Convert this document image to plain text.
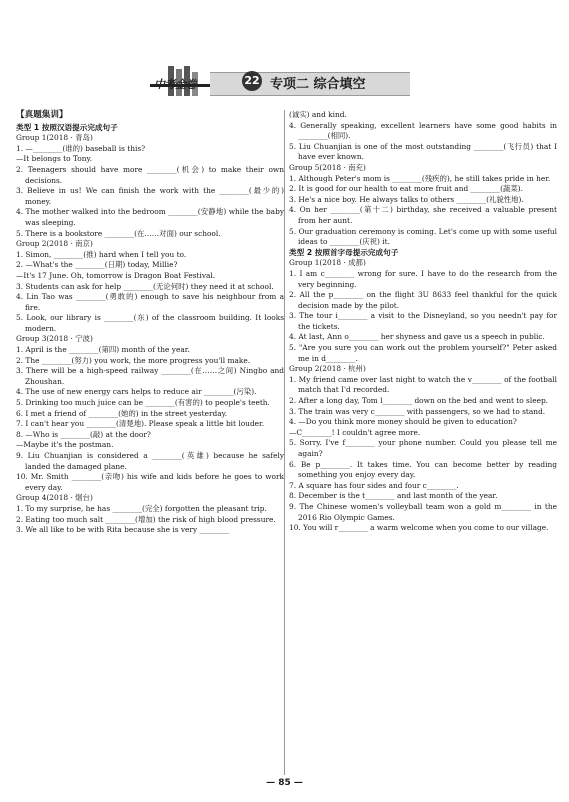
中考金卷	22 专项二 综合填空
【真题集训】
类型 1 按照汉语提示完成句子
Group 1(2018 · 青岛)
1. —________(谁的) baseball is this?
—It belongs to Tony.
2. Teenagers should have more ________(机会) to make their own decisions.
3. Believe in us! We can finish the work with the ________(最少的) money.
4. The mother walked into the bedroom ________(安静地) while the baby was sleeping.
5. There is a bookstore ________(在……对面) our school.
Group 2(2018 · 南京)
1. Simon, ________(推) hard when I tell you to.
2. —What's the ________(日期) today, Millie?
—It's 17 June. Oh, tomorrow is Dragon Boat Festival.
3. Students can ask for help ________(无论何时) they need it at school.
4. Lin Tao was ________(勇敢的) enough to save his neighbour from a fire.
5. Look, our library is ________(东) of the classroom building. It looks modern.
Group 3(2018 · 宁波)
1. April is the ________(第四) month of the year.
2. The ________(努力) you work, the more progress you'll make.
3. There will be a high-speed railway ________(在……之间) Ningbo and Zhoushan.
4. The use of new energy cars helps to reduce air ________(污染).
5. Drinking too much juice can be ________(有害的) to people's teeth.
6. I met a friend of ________(她的) in the street yesterday.
7. I can't hear you ________(清楚地). Please speak a little bit louder.
8. —Who is ________(敲) at the door?
—Maybe it's the postman.
9. Liu Chuanjian is considered a ________(英雄) because he safely landed the damaged plane.
10. Mr. Smith ________(亲吻) his wife and kids before he goes to work every day.
Group 4(2018 · 烟台)
1. To my surprise, he has ________(完全) forgotten the pleasant trip.
2. Eating too much salt ________(增加) the risk of high blood pressure.
3. We all like to be with Rita because she is very ________
(诚实) and kind.
4. Generally speaking, excellent learners have some good habits in ________(相同).
5. Liu Chuanjian is one of the most outstanding ________(飞行员) that I have ever known.
Group 5(2018 · 南充)
1. Although Peter's mom is ________(残疾的), he still takes pride in her.
2. It is good for our health to eat more fruit and ________(蔬菜).
3. He's a nice boy. He always talks to others ________(礼貌性地).
4. On her ________(第十二) birthday, she received a valuable present from her aunt.
5. Our graduation ceremony is coming. Let's come up with some useful ideas to ________(庆祝) it.
类型 2 按照首字母提示完成句子
Group 1(2018 · 成都)
1. I am c________ wrong for sure. I have to do the research from the very beginning.
2. All the p________ on the flight 3U 8633 feel thankful for the quick decision made by the pilot.
3. The tour i________ a visit to the Disneyland, so you needn't pay for the tickets.
4. At last, Ann o________ her shyness and gave us a speech in public.
5. "Are you sure you can work out the problem yourself?" Peter asked me in d________.
Group 2(2018 · 杭州)
1. My friend came over last night to watch the v________ of the football match that I'd recorded.
2. After a long day, Tom l________ down on the bed and went to sleep.
3. The train was very c________ with passengers, so we had to stand.
4. —Do you think more money should be given to education?
—C________! I couldn't agree more.
5. Sorry. I've f________ your phone number. Could you please tell me again?
6. Be p________. It takes time. You can become better by reading something you enjoy every day.
7. A square has four sides and four c________.
8. December is the t________ and last month of the year.
9. The Chinese women's volleyball team won a gold m________ in the 2016 Rio Olympic Games.
10. You will r________ a warm welcome when you come to our village.
— 85 —
